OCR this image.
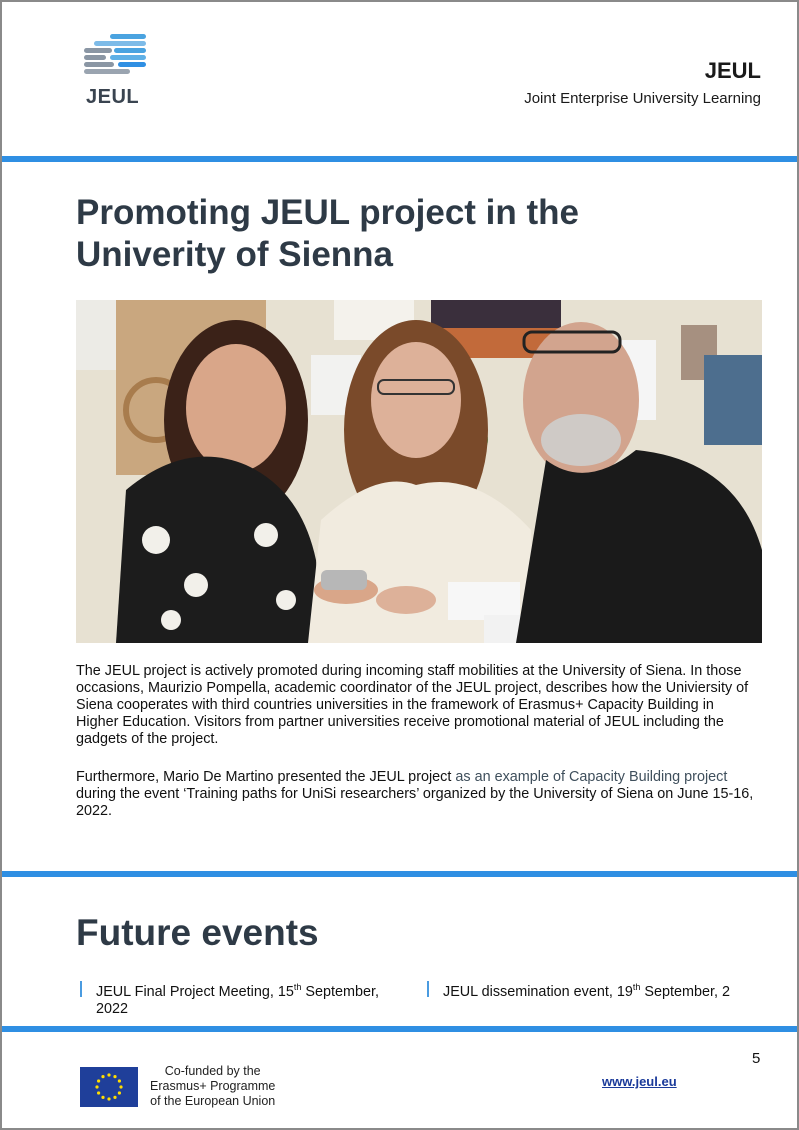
JEUL
JEUL
Joint Enterprise University Learning
Promoting JEUL project in the Univerity of Sienna

The JEUL project is actively promoted during incoming staff mobilities at the University of Siena. In those occasions, Maurizio Pompella, academic coordinator of the JEUL project, describes how the Univiersity of Siena cooperates with third countries universities in the framework of Erasmus+ Capacity Building in Higher Education. Visitors from partner universities receive promotional material of JEUL including the gadgets of the project.

Furthermore, Mario De Martino presented the JEUL project as an example of Capacity Building project during the event ‘Training paths for UniSi researchers’ organized by the University of Siena on June 15-16, 2022.

Future events
JEUL Final Project Meeting, 15th September,
2022
JEUL dissemination event, 19th September, 2
5
Co-funded by the
Erasmus+ Programme
of the European Union
www.jeul.eu
